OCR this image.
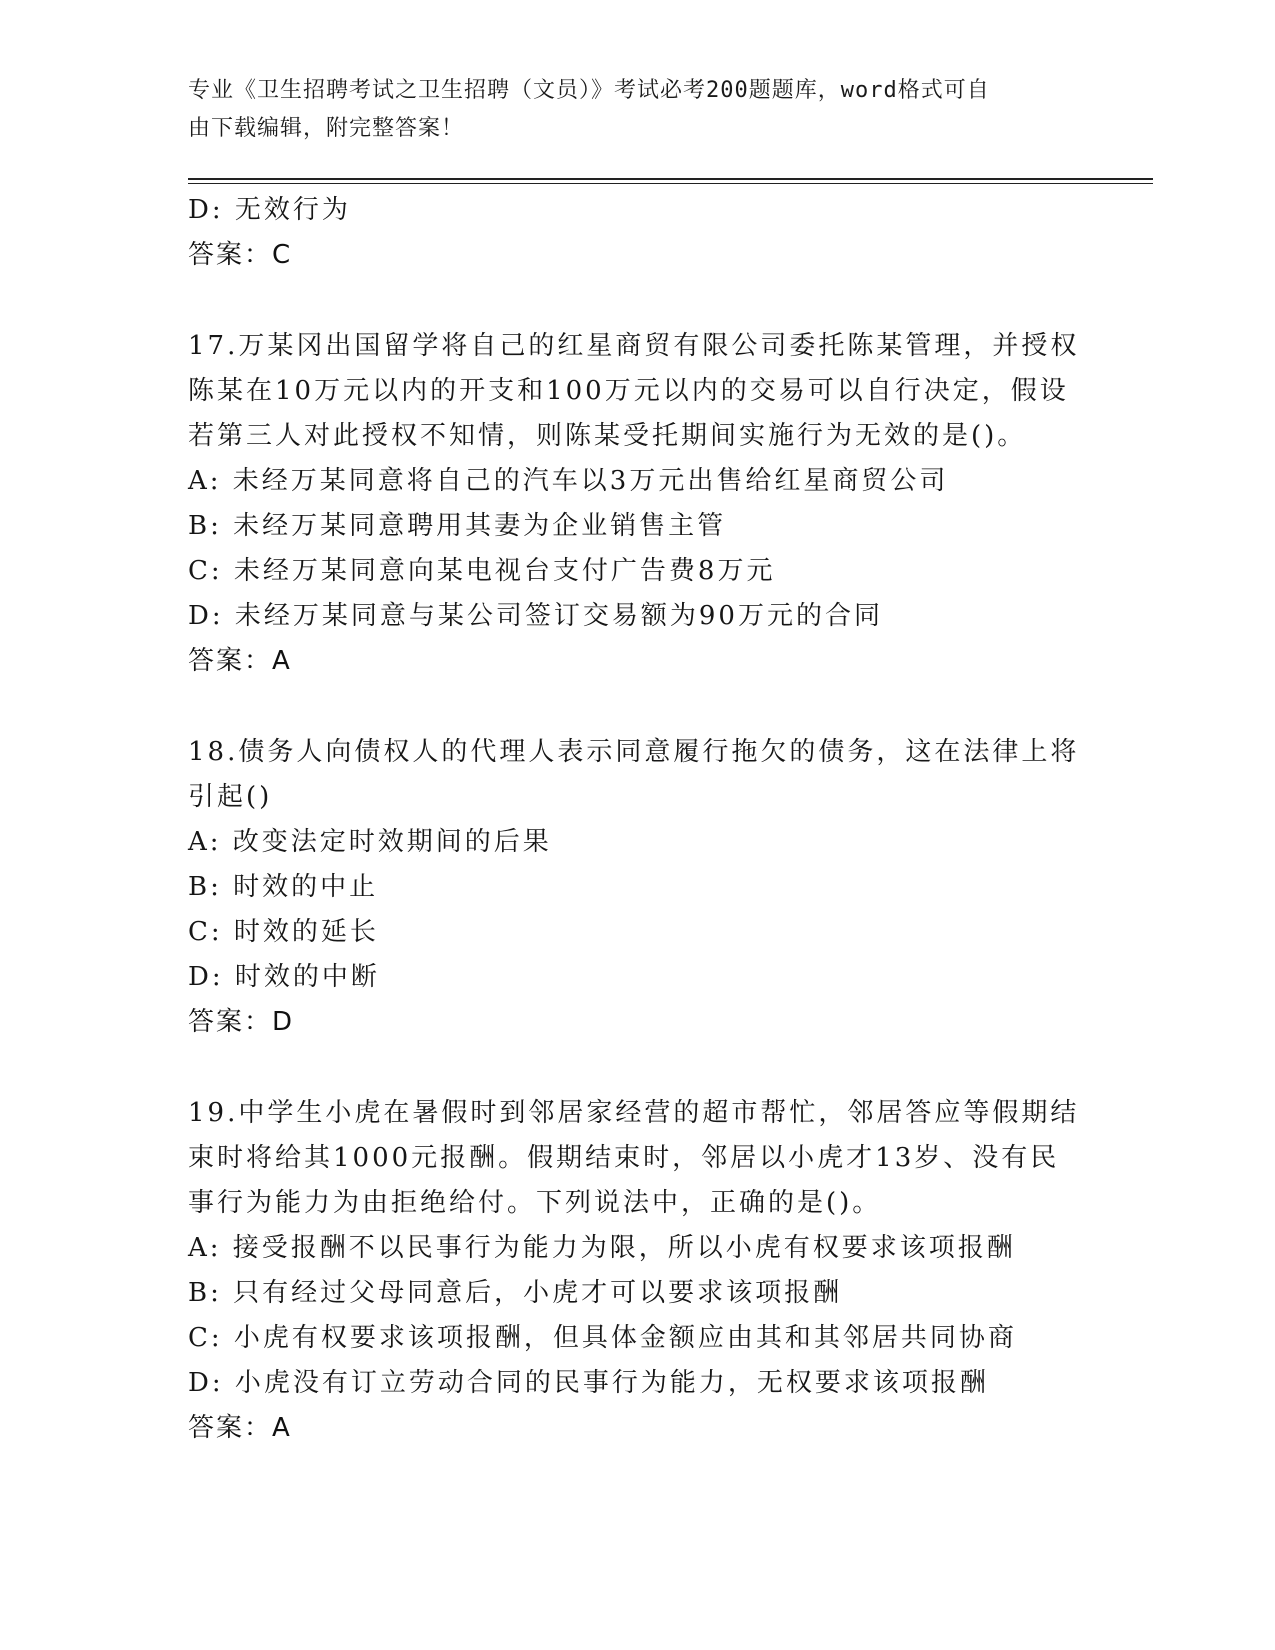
专业《卫生招聘考试之卫生招聘（文员）》考试必考200题题库，word格式可自
由下载编辑，附完整答案！
D: 无效行为
答案：C
17.万某冈出国留学将自己的红星商贸有限公司委托陈某管理，并授权
陈某在10万元以内的开支和100万元以内的交易可以自行决定，假设
若第三人对此授权不知情，则陈某受托期间实施行为无效的是()。
A: 未经万某同意将自己的汽车以3万元出售给红星商贸公司
B: 未经万某同意聘用其妻为企业销售主管
C: 未经万某同意向某电视台支付广告费8万元
D: 未经万某同意与某公司签订交易额为90万元的合同
答案：A
18.债务人向债权人的代理人表示同意履行拖欠的债务，这在法律上将
引起()
A: 改变法定时效期间的后果
B: 时效的中止
C: 时效的延长
D: 时效的中断
答案：D
19.中学生小虎在暑假时到邻居家经营的超市帮忙，邻居答应等假期结
束时将给其1000元报酬。假期结束时，邻居以小虎才13岁、没有民
事行为能力为由拒绝给付。下列说法中，正确的是()。
A: 接受报酬不以民事行为能力为限，所以小虎有权要求该项报酬
B: 只有经过父母同意后，小虎才可以要求该项报酬
C: 小虎有权要求该项报酬，但具体金额应由其和其邻居共同协商
D: 小虎没有订立劳动合同的民事行为能力，无权要求该项报酬
答案：A
